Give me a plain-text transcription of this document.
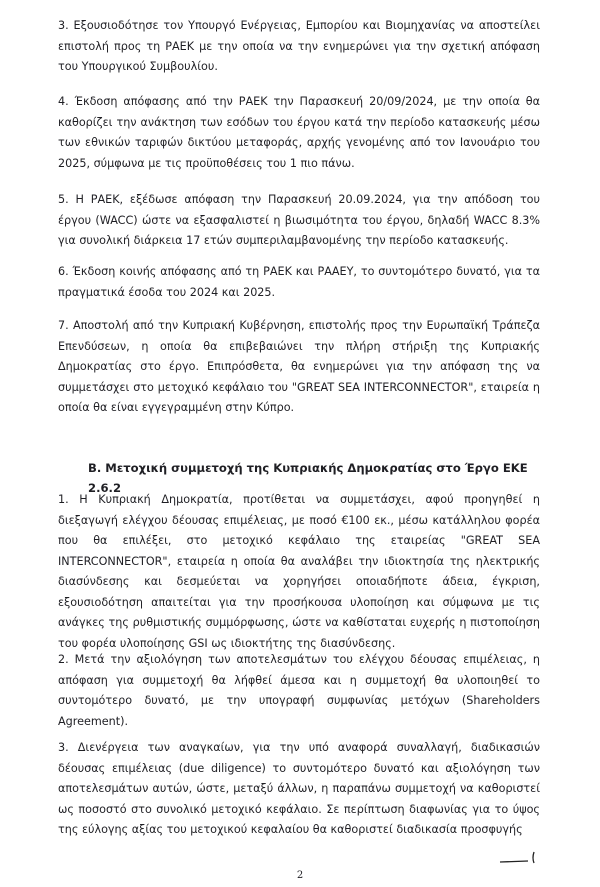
3. Εξουσιοδότησε τον Υπουργό Ενέργειας, Εμπορίου και Βιομηχανίας να αποστείλει επιστολή προς τη ΡΑΕΚ με την οποία να την ενημερώνει για την σχετική απόφαση του Υπουργικού Συμβουλίου.

4. Έκδοση απόφασης από την ΡΑΕΚ την Παρασκευή 20/09/2024, με την οποία θα καθορίζει την ανάκτηση των εσόδων του έργου κατά την περίοδο κατασκευής μέσω των εθνικών ταριφών δικτύου μεταφοράς, αρχής γενομένης από τον Ιανουάριο του 2025, σύμφωνα με τις προϋποθέσεις του 1 πιο πάνω.

5. Η ΡΑΕΚ, εξέδωσε απόφαση την Παρασκευή 20.09.2024, για την απόδοση του έργου (WACC) ώστε να εξασφαλιστεί η βιωσιμότητα του έργου, δηλαδή WACC 8.3% για συνολική διάρκεια 17 ετών συμπεριλαμβανομένης την περίοδο κατασκευής.

6. Έκδοση κοινής απόφασης από τη ΡΑΕΚ και ΡΑΑΕΥ, το συντομότερο δυνατό, για τα πραγματικά έσοδα του 2024 και 2025.

7. Αποστολή από την Κυπριακή Κυβέρνηση, επιστολής προς την Ευρωπαϊκή Τράπεζα Επενδύσεων, η οποία θα επιβεβαιώνει την πλήρη στήριξη της Κυπριακής Δημοκρατίας στο έργο. Επιπρόσθετα, θα ενημερώνει για την απόφαση της να συμμετάσχει στο μετοχικό κεφάλαιο του "GREAT SEA INTERCONNECTOR", εταιρεία η οποία θα είναι εγγεγραμμένη στην Κύπρο.

Β. Μετοχική συμμετοχή της Κυπριακής Δημοκρατίας στο Έργο ΕΚΕ 2.6.2

1. Η Κυπριακή Δημοκρατία, προτίθεται να συμμετάσχει, αφού προηγηθεί η διεξαγωγή ελέγχου δέουσας επιμέλειας, με ποσό €100 εκ., μέσω κατάλληλου φορέα που θα επιλέξει, στο μετοχικό κεφάλαιο της εταιρείας "GREAT SEA INTERCONNECTOR", εταιρεία η οποία θα αναλάβει την ιδιοκτησία της ηλεκτρικής διασύνδεσης και δεσμεύεται να χορηγήσει οποιαδήποτε άδεια, έγκριση, εξουσιοδότηση απαιτείται για την προσήκουσα υλοποίηση και σύμφωνα με τις ανάγκες της ρυθμιστικής συμμόρφωσης, ώστε να καθίσταται ευχερής η πιστοποίηση του φορέα υλοποίησης GSI ως ιδιοκτήτης της διασύνδεσης.

2. Μετά την αξιολόγηση των αποτελεσμάτων του ελέγχου δέουσας επιμέλειας, η απόφαση για συμμετοχή θα λήφθεί άμεσα και η συμμετοχή θα υλοποιηθεί το συντομότερο δυνατό, με την υπογραφή συμφωνίας μετόχων (Shareholders Agreement).

3. Διενέργεια των αναγκαίων, για την υπό αναφορά συναλλαγή, διαδικασιών δέουσας επιμέλειας (due diligence) το συντομότερο δυνατό και αξιολόγηση των αποτελεσμάτων αυτών, ώστε, μεταξύ άλλων, η παραπάνω συμμετοχή να καθοριστεί ως ποσοστό στο συνολικό μετοχικό κεφάλαιο. Σε περίπτωση διαφωνίας για το ύψος της εύλογης αξίας του μετοχικού κεφαλαίου θα καθοριστεί διαδικασία προσφυγής

2
